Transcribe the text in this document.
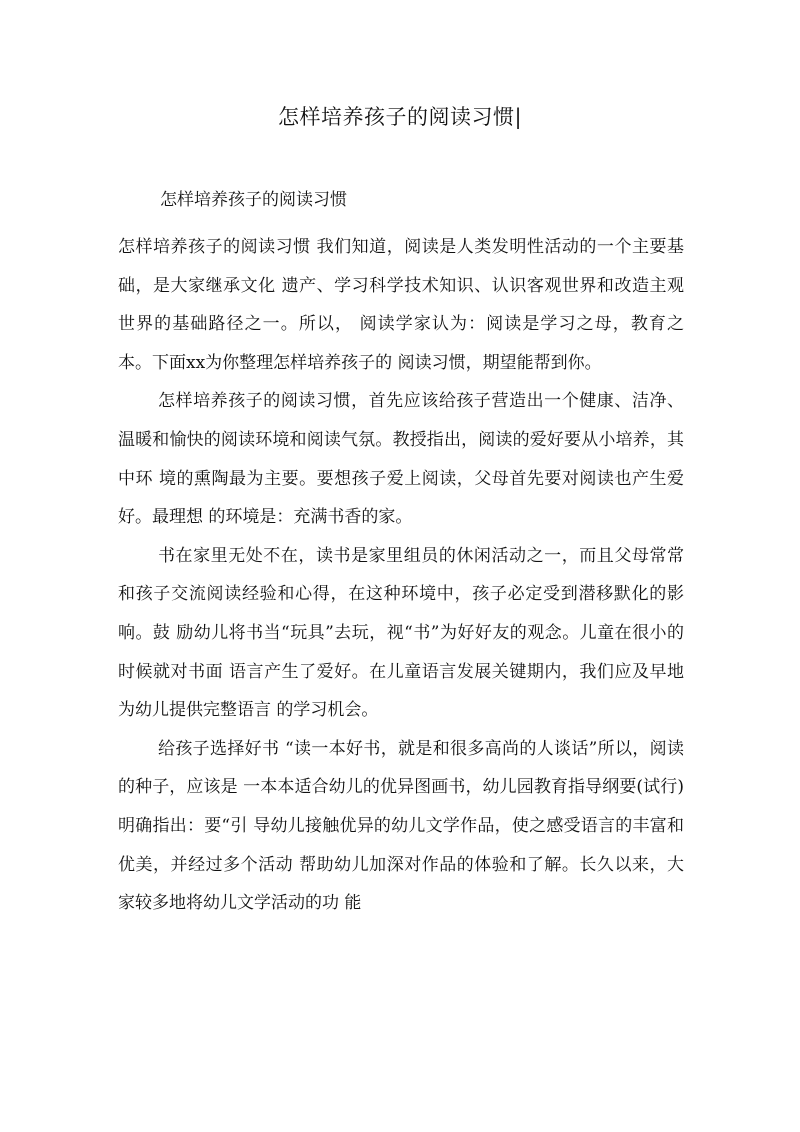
怎样培养孩子的阅读习惯|
怎样培养孩子的阅读习惯

怎样培养孩子的阅读习惯 我们知道，阅读是人类发明性活动的一个主要基础，是大家继承文化 遗产、学习科学技术知识、认识客观世界和改造主观世界的基础路径之一。所以， 阅读学家认为：阅读是学习之母，教育之本。下面xx为你整理怎样培养孩子的 阅读习惯，期望能帮到你。

怎样培养孩子的阅读习惯，首先应该给孩子营造出一个健康、洁净、 温暖和愉快的阅读环境和阅读气氛。教授指出，阅读的爱好要从小培养，其中环 境的熏陶最为主要。要想孩子爱上阅读，父母首先要对阅读也产生爱好。最理想 的环境是：充满书香的家。

书在家里无处不在，读书是家里组员的休闲活动之一，而且父母常常 和孩子交流阅读经验和心得，在这种环境中，孩子必定受到潜移默化的影响。鼓 励幼儿将书当“玩具”去玩，视“书”为好好友的观念。儿童在很小的时候就对书面 语言产生了爱好。在儿童语言发展关键期内，我们应及早地为幼儿提供完整语言 的学习机会。

给孩子选择好书 “读一本好书，就是和很多高尚的人谈话”所以，阅读的种子，应该是 一本本适合幼儿的优异图画书，幼儿园教育指导纲要(试行)明确指出：要“引 导幼儿接触优异的幼儿文学作品，使之感受语言的丰富和优美，并经过多个活动 帮助幼儿加深对作品的体验和了解。长久以来，大家较多地将幼儿文学活动的功 能
